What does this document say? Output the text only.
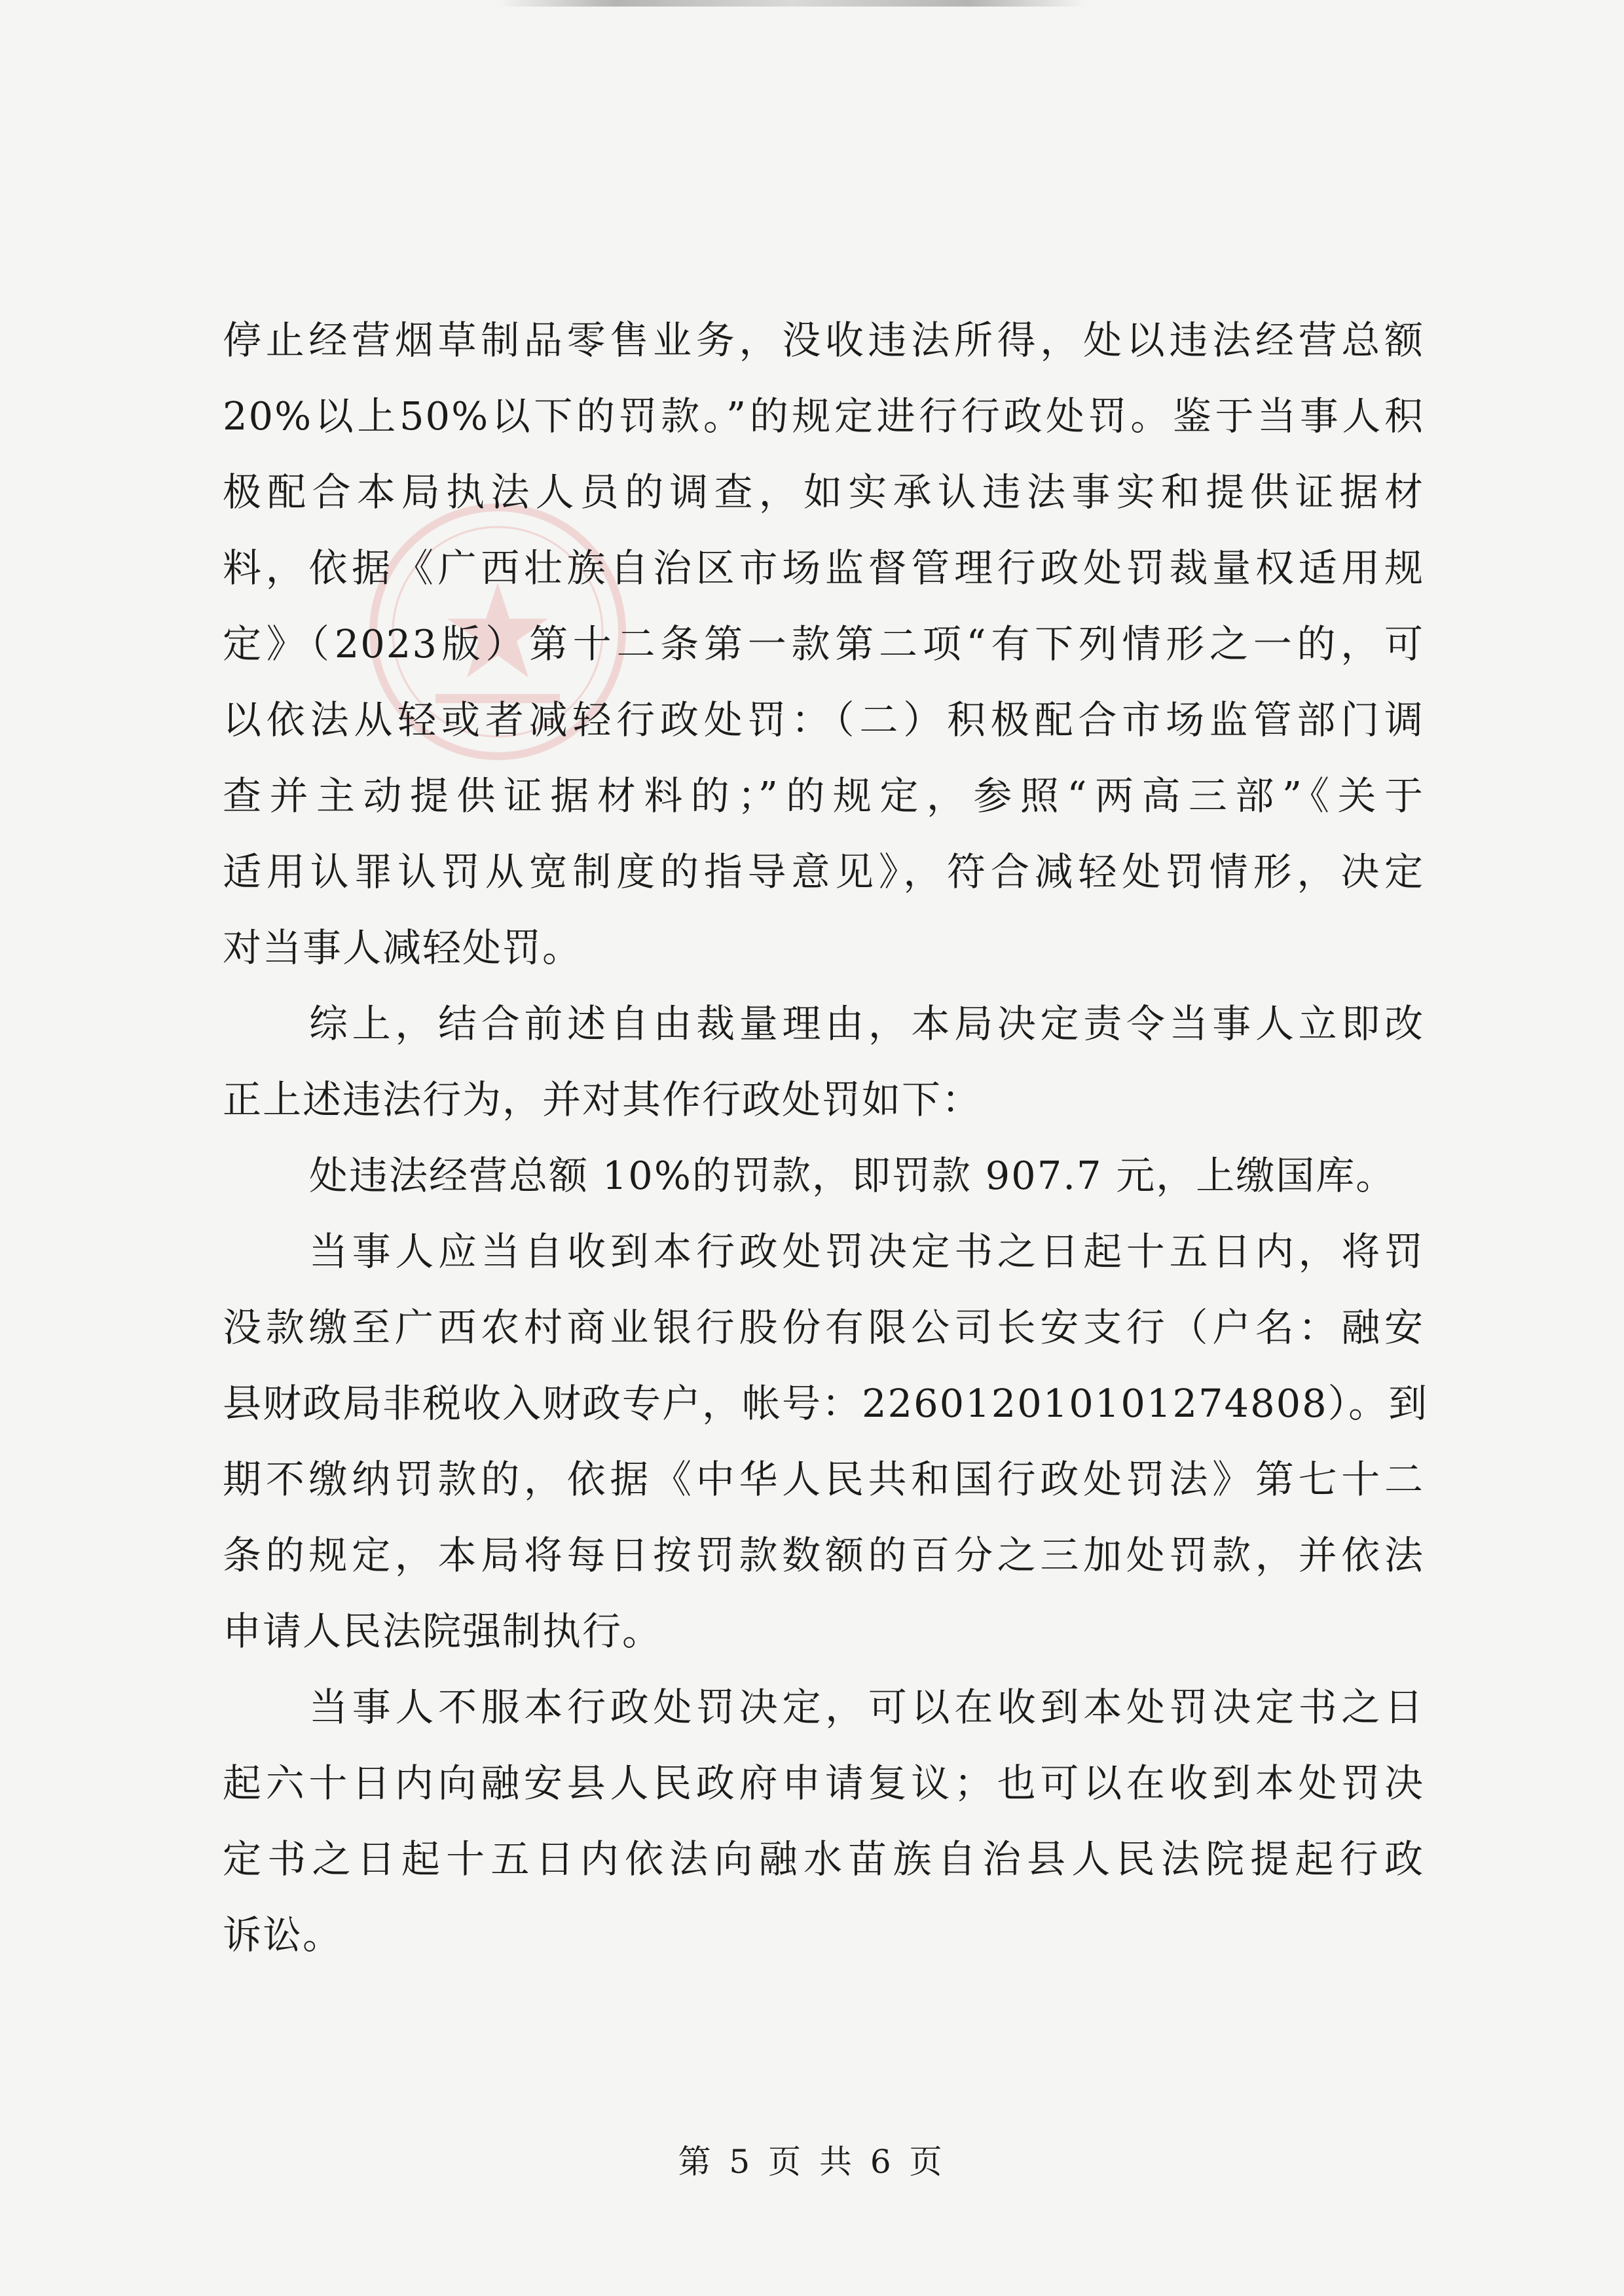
停止经营烟草制品零售业务，没收违法所得，处以违法经营总额
20%以上50%以下的罚款。”的规定进行行政处罚。鉴于当事人积
极配合本局执法人员的调查，如实承认违法事实和提供证据材
料，依据《广西壮族自治区市场监督管理行政处罚裁量权适用规
定》（2023版）第十二条第一款第二项“有下列情形之一的，可
以依法从轻或者减轻行政处罚：（二）积极配合市场监管部门调
查并主动提供证据材料的；”的规定，参照“两高三部”《关于
适用认罪认罚从宽制度的指导意见》，符合减轻处罚情形，决定
对当事人减轻处罚。
综上，结合前述自由裁量理由，本局决定责令当事人立即改
正上述违法行为，并对其作行政处罚如下：
处违法经营总额 10%的罚款，即罚款 907.7 元，上缴国库。
当事人应当自收到本行政处罚决定书之日起十五日内，将罚
没款缴至广西农村商业银行股份有限公司长安支行（户名：融安
县财政局非税收入财政专户，帐号：226012010101274808）。到
期不缴纳罚款的，依据《中华人民共和国行政处罚法》第七十二
条的规定，本局将每日按罚款数额的百分之三加处罚款，并依法
申请人民法院强制执行。
当事人不服本行政处罚决定，可以在收到本处罚决定书之日
起六十日内向融安县人民政府申请复议；也可以在收到本处罚决
定书之日起十五日内依法向融水苗族自治县人民法院提起行政
诉讼。
第 5 页 共 6 页
